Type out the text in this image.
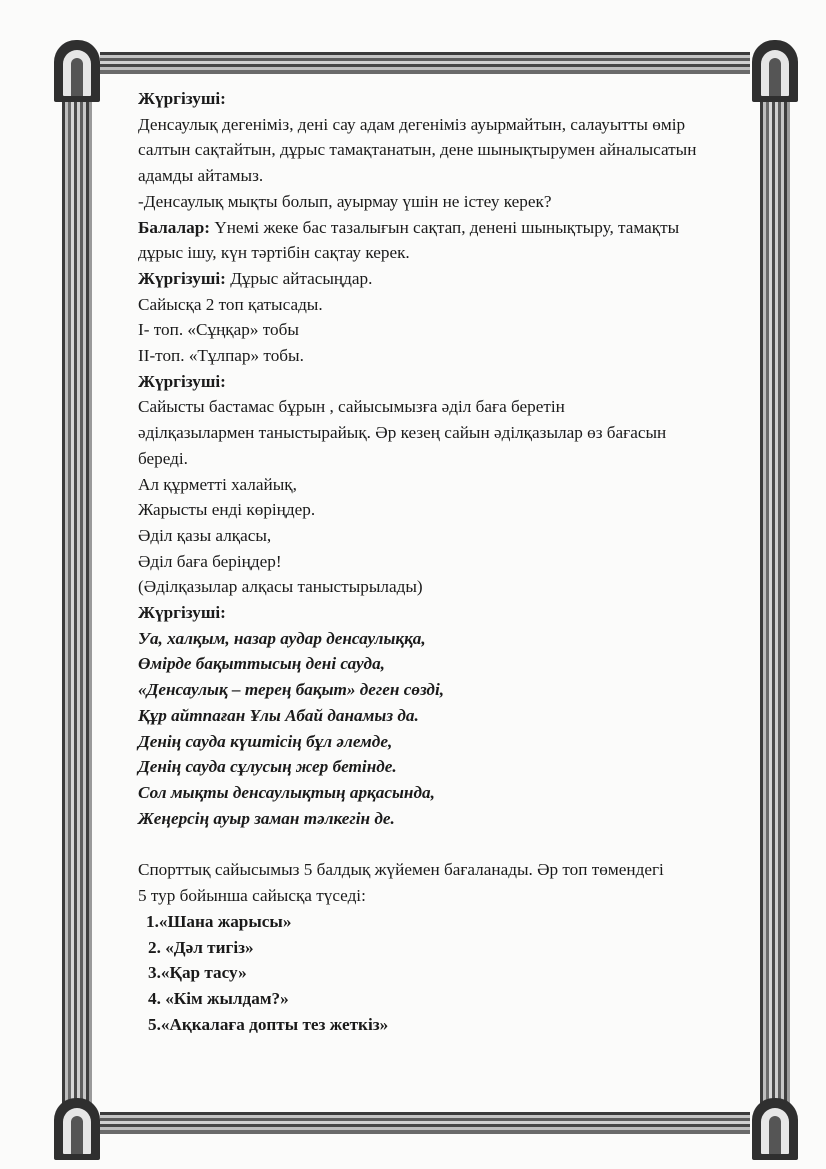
Жүргізуші:

Денсаулық дегеніміз, дені сау адам дегеніміз ауырмайтын, салауытты өмір

салтын сақтайтын, дұрыс тамақтанатын, дене шынықтырумен айналысатын

адамды айтамыз.

-Денсаулық мықты болып, ауырмау үшін не істеу керек?

Балалар: Үнемі жеке бас тазалығын сақтап, денені шынықтыру, тамақты

дұрыс ішу, күн тәртібін сақтау керек.

Жүргізуші: Дұрыс айтасыңдар.

Сайысқа 2 топ қатысады.

I- топ. «Сұңқар» тобы

II-топ. «Тұлпар» тобы.

Жүргізуші:

Сайысты бастамас бұрын , сайысымызға әділ баға беретін

әділқазылармен таныстырайық. Әр кезең сайын әділқазылар өз бағасын

береді.

Ал құрметті халайық,

Жарысты енді көріңдер.

Әділ қазы алқасы,

Әділ баға беріңдер!

(Әділқазылар алқасы таныстырылады)

Жүргізуші:

Уа, халқым, назар аудар денсаулыққа,

Өмірде бақыттысың дені саудa,

«Денсаулық – терең бақыт» деген сөзді,

Құр айтпаған Ұлы Абай данамыз да.

Денің сауда күштісің бұл әлемде,

Денің сауда сұлусың жер бетінде.

Сол мықты денсаулықтың арқасында,

Жеңерсің ауыр заман тәлкегін де.

Спорттық сайысымыз 5 балдық жүйемен бағаланады. Әр топ төмендегі

5 тур бойынша сайысқа түседі:

1.«Шана жарысы»

2. «Дәл тигіз»

3.«Қар тасу»

4. «Кім жылдам?»

5.«Ақкалаға допты тез жеткіз»
